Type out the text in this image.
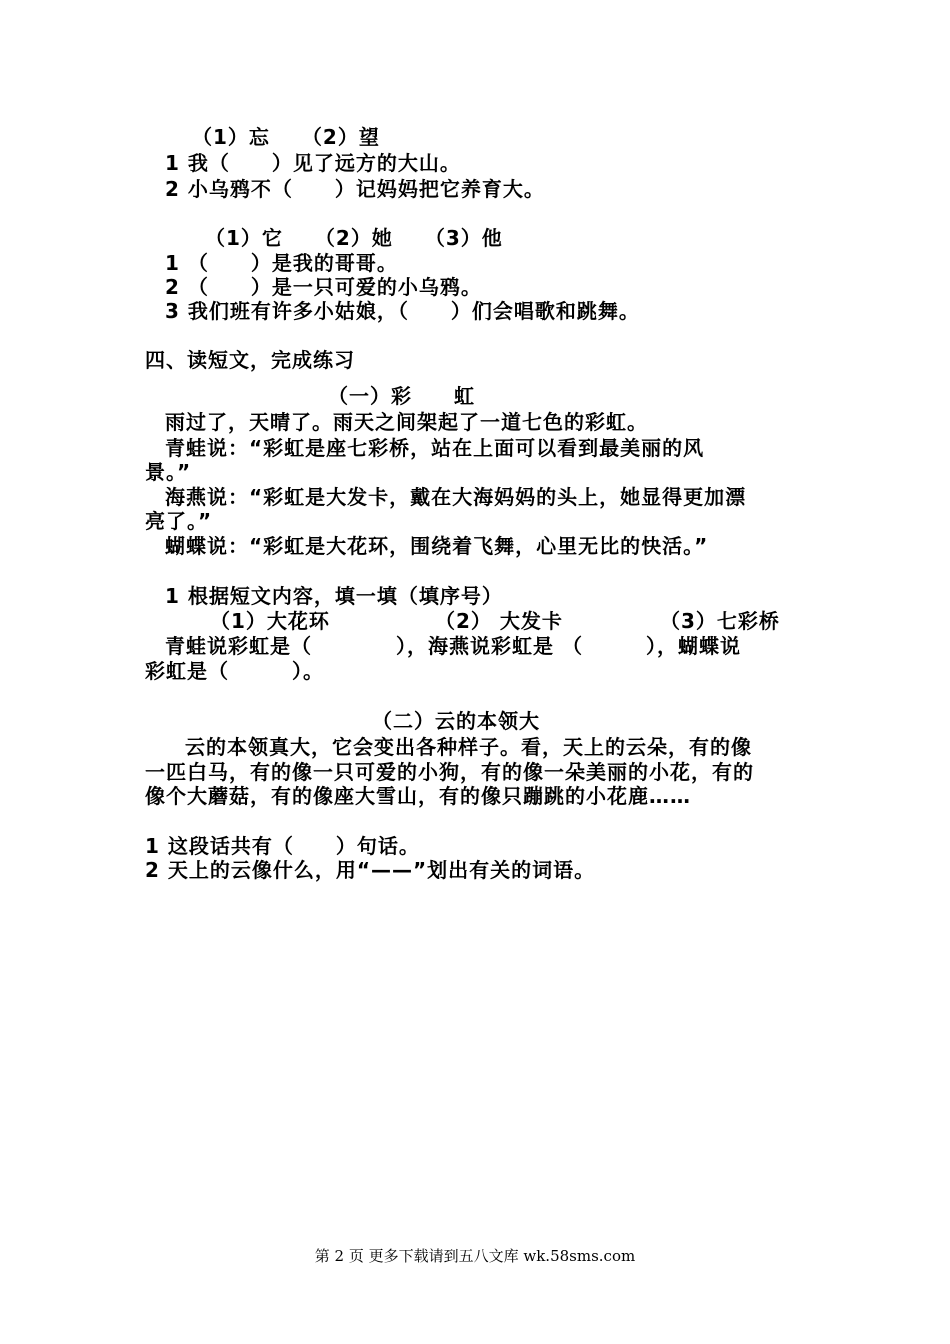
（1）忘　　（2）望
1 我（　　）见了远方的大山。
2 小乌鸦不（　　）记妈妈把它养育大。
（1）它　　（2）她　　（3）他
1 （　　）是我的哥哥。
2 （　　）是一只可爱的小乌鸦。
3 我们班有许多小姑娘，（　　）们会唱歌和跳舞。
四、读短文，完成练习
（一）彩　　虹
雨过了，天晴了。雨天之间架起了一道七色的彩虹。
青蛙说：“彩虹是座七彩桥，站在上面可以看到最美丽的风
景。”
海燕说：“彩虹是大发卡，戴在大海妈妈的头上，她显得更加漂
亮了。”
蝴蝶说：“彩虹是大花环，围绕着飞舞，心里无比的快活。”
1 根据短文内容，填一填（填序号）
（1）大花环	（2） 大发卡	（3）七彩桥
青蛙说彩虹是（　　　　），海燕说彩虹是 （　　　），蝴蝶说
彩虹是（　　　）。
（二）云的本领大
云的本领真大，它会变出各种样子。看，天上的云朵，有的像
一匹白马，有的像一只可爱的小狗，有的像一朵美丽的小花，有的
像个大蘑菇，有的像座大雪山，有的像只蹦跳的小花鹿……
1 这段话共有（　　）句话。
2 天上的云像什么，用“——”划出有关的词语。
第 2 页 更多下载请到五八文库 wk.58sms.com
